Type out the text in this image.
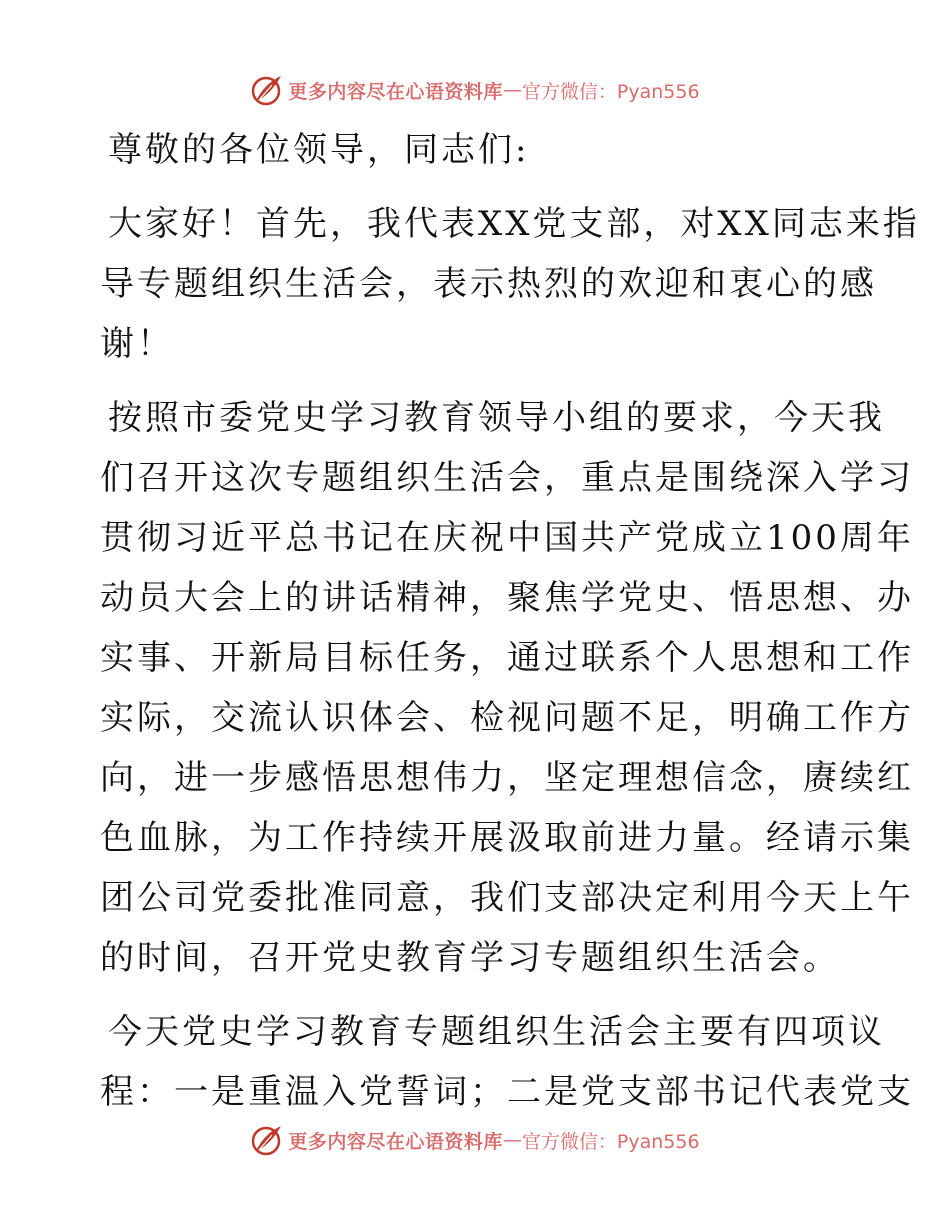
更多内容尽在心语资料库 — 官方微信：Pyan556
尊敬的各位领导，同志们:
大家好！首先，我代表XX党支部，对XX同志来指
导专题组织生活会，表示热烈的欢迎和衷心的感
谢！
按照市委党史学习教育领导小组的要求，今天我
们召开这次专题组织生活会，重点是围绕深入学习
贯彻习近平总书记在庆祝中国共产党成立100周年
动员大会上的讲话精神，聚焦学党史、悟思想、办
实事、开新局目标任务，通过联系个人思想和工作
实际，交流认识体会、检视问题不足，明确工作方
向，进一步感悟思想伟力，坚定理想信念，赓续红
色血脉，为工作持续开展汲取前进力量。经请示集
团公司党委批准同意，我们支部决定利用今天上午
的时间，召开党史教育学习专题组织生活会。
今天党史学习教育专题组织生活会主要有四项议
程：一是重温入党誓词；二是党支部书记代表党支
更多内容尽在心语资料库 — 官方微信：Pyan556
